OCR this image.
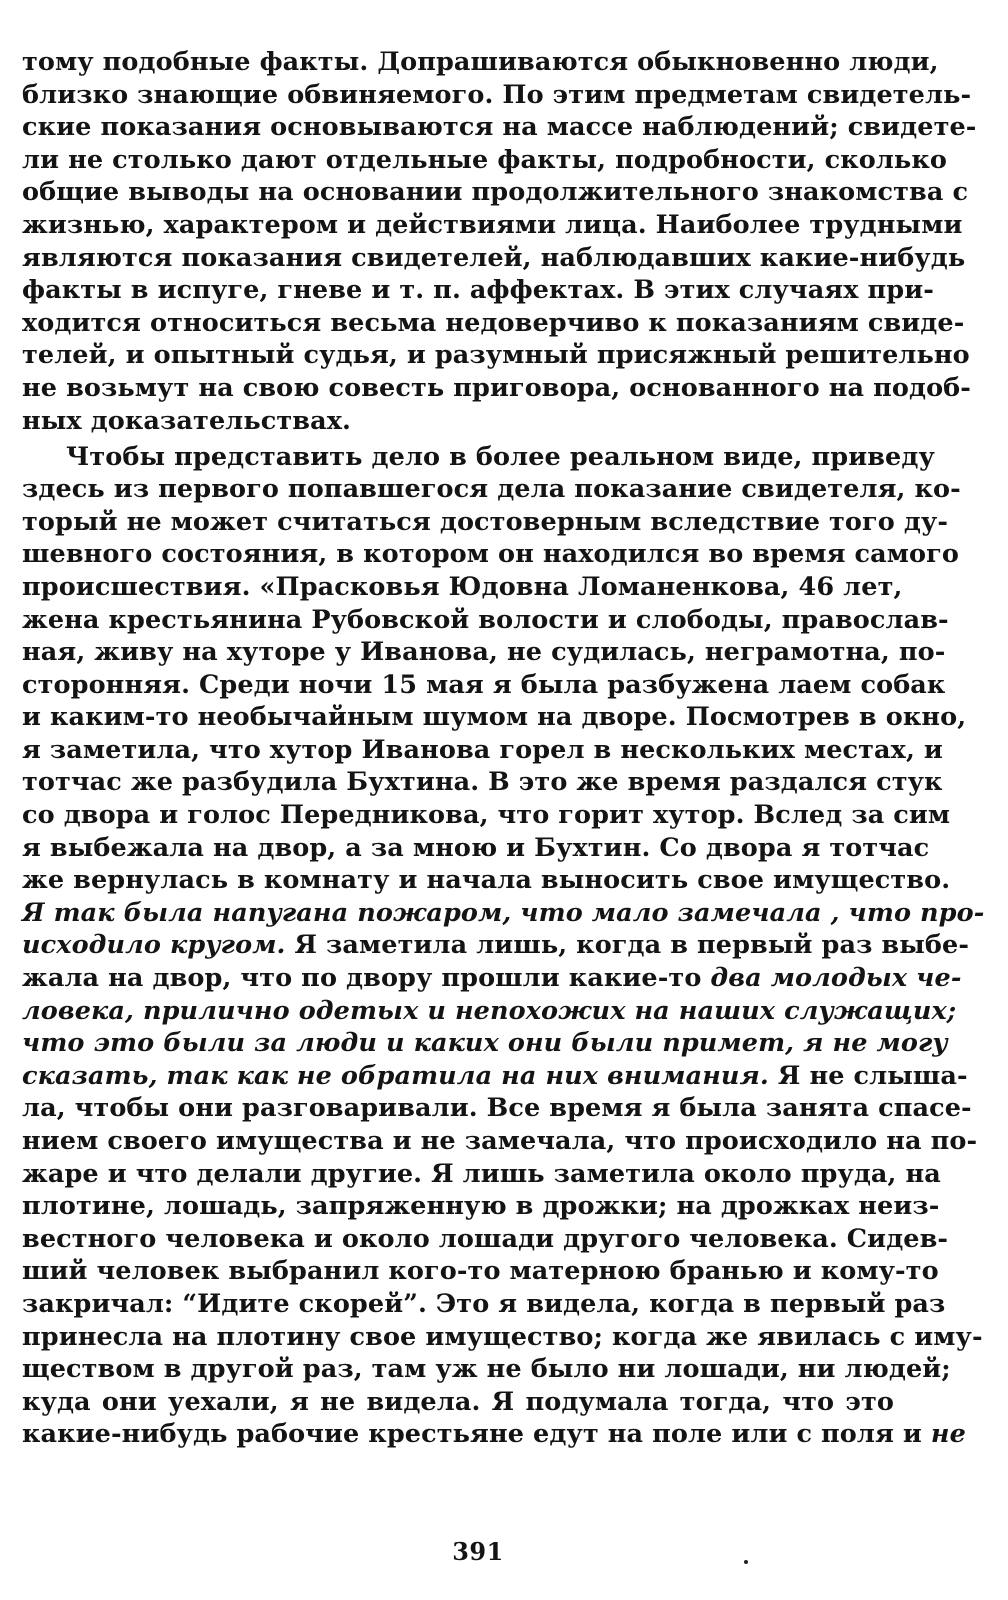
тому подобные факты. Допрашиваются обыкновенно люди,
близко знающие обвиняемого. По этим предметам свидетель-
ские показания основываются на массе наблюдений; свидете-
ли не столько дают отдельные факты, подробности, сколько
общие выводы на основании продолжительного знакомства с
жизнью, характером и действиями лица. Наиболее трудными
являются показания свидетелей, наблюдавших какие-нибудь
факты в испуге, гневе и т. п. аффектах. В этих случаях при-
ходится относиться весьма недоверчиво к показаниям свиде-
телей, и опытный судья, и разумный присяжный решительно
не возьмут на свою совесть приговора, основанного на подоб-
ных доказательствах.
Чтобы представить дело в более реальном виде, приведу
здесь из первого попавшегося дела показание свидетеля, ко-
торый не может считаться достоверным вследствие того ду-
шевного состояния, в котором он находился во время самого
происшествия. «Прасковья Юдовна Ломаненкова, 46 лет,
жена крестьянина Рубовской волости и слободы, православ-
ная, живу на хуторе у Иванова, не судилась, неграмотна, по-
сторонняя. Среди ночи 15 мая я была разбужена лаем собак
и каким-то необычайным шумом на дворе. Посмотрев в окно,
я заметила, что хутор Иванова горел в нескольких местах, и
тотчас же разбудила Бухтина. В это же время раздался стук
со двора и голос Передникова, что горит хутор. Вслед за сим
я выбежала на двор, а за мною и Бухтин. Со двора я тотчас
же вернулась в комнату и начала выносить свое имущество.
Я так была напугана пожаром, что мало замечала , что про-
исходило кругом. Я заметила лишь, когда в первый раз выбе-
жала на двор, что по двору прошли какие-то два молодых че-
ловека, прилично одетых и непохожих на наших служащих;
что это были за люди и каких они были примет, я не могу
сказать, так как не обратила на них внимания. Я не слыша-
ла, чтобы они разговаривали. Все время я была занята спасе-
нием своего имущества и не замечала, что происходило на по-
жаре и что делали другие. Я лишь заметила около пруда, на
плотине, лошадь, запряженную в дрожки; на дрожках неиз-
вестного человека и около лошади другого человека. Сидев-
ший человек выбранил кого-то матерною бранью и кому-то
закричал: “Идите скорей”. Это я видела, когда в первый раз
принесла на плотину свое имущество; когда же явилась с иму-
ществом в другой раз, там уж не было ни лошади, ни людей;
куда они уехали, я не видела. Я подумала тогда, что это
какие-нибудь рабочие крестьяне едут на поле или с поля и не
391
